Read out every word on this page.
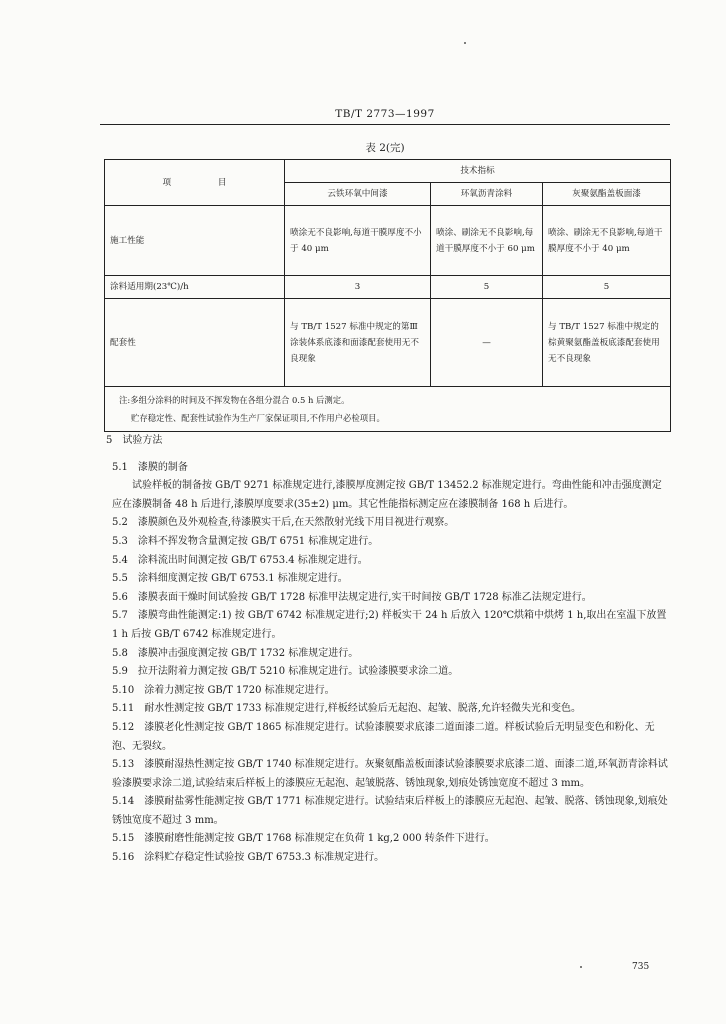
TB/T 2773—1997
表 2(完)
项 目	技术指标		
	云铁环氧中间漆	环氧沥青涂料	灰聚氨酯盖板面漆
施工性能	喷涂无不良影响,每道干膜厚度不小于 40 μm	喷涂、刷涂无不良影响,每道干膜厚度不小于 60 μm	喷涂、刷涂无不良影响,每道干膜厚度不小于 40 μm
涂料适用期(23℃)/h	3	5	5
配套性	与 TB/T 1527 标准中规定的第Ⅲ涂装体系底漆和面漆配套使用无不良现象	—	与 TB/T 1527 标准中规定的棕黄聚氨酯盖板底漆配套使用无不良现象

注:多组分涂料的时间及不挥发物在各组分混合 0.5 h 后测定。
贮存稳定性、配套性试验作为生产厂家保证项目,不作用户必检项目。			

5 试验方法

5.1 漆膜的制备

试验样板的制备按 GB/T 9271 标准规定进行,漆膜厚度测定按 GB/T 13452.2 标准规定进行。弯曲性能和冲击强度测定应在漆膜制备 48 h 后进行,漆膜厚度要求(35±2) μm。其它性能指标测定应在漆膜制备 168 h 后进行。

5.2 漆膜颜色及外观检查,待漆膜实干后,在天然散射光线下用目视进行观察。

5.3 涂料不挥发物含量测定按 GB/T 6751 标准规定进行。

5.4 涂料流出时间测定按 GB/T 6753.4 标准规定进行。

5.5 涂料细度测定按 GB/T 6753.1 标准规定进行。

5.6 漆膜表面干燥时间试验按 GB/T 1728 标准甲法规定进行,实干时间按 GB/T 1728 标准乙法规定进行。

5.7 漆膜弯曲性能测定:1) 按 GB/T 6742 标准规定进行;2) 样板实干 24 h 后放入 120℃烘箱中烘烤 1 h,取出在室温下放置 1 h 后按 GB/T 6742 标准规定进行。

5.8 漆膜冲击强度测定按 GB/T 1732 标准规定进行。

5.9 拉开法附着力测定按 GB/T 5210 标准规定进行。试验漆膜要求涂二道。

5.10 涂着力测定按 GB/T 1720 标准规定进行。

5.11 耐水性测定按 GB/T 1733 标准规定进行,样板经试验后无起泡、起皱、脱落,允许轻微失光和变色。

5.12 漆膜老化性测定按 GB/T 1865 标准规定进行。试验漆膜要求底漆二道面漆二道。样板试验后无明显变色和粉化、无泡、无裂纹。

5.13 漆膜耐湿热性测定按 GB/T 1740 标准规定进行。灰聚氨酯盖板面漆试验漆膜要求底漆二道、面漆二道,环氧沥青涂料试验漆膜要求涂二道,试验结束后样板上的漆膜应无起泡、起皱脱落、锈蚀现象,划痕处锈蚀宽度不超过 3 mm。

5.14 漆膜耐盐雾性能测定按 GB/T 1771 标准规定进行。试验结束后样板上的漆膜应无起泡、起皱、脱落、锈蚀现象,划痕处锈蚀宽度不超过 3 mm。

5.15 漆膜耐磨性能测定按 GB/T 1768 标准规定在负荷 1 kg,2 000 转条件下进行。

5.16 涂料贮存稳定性试验按 GB/T 6753.3 标准规定进行。

735
